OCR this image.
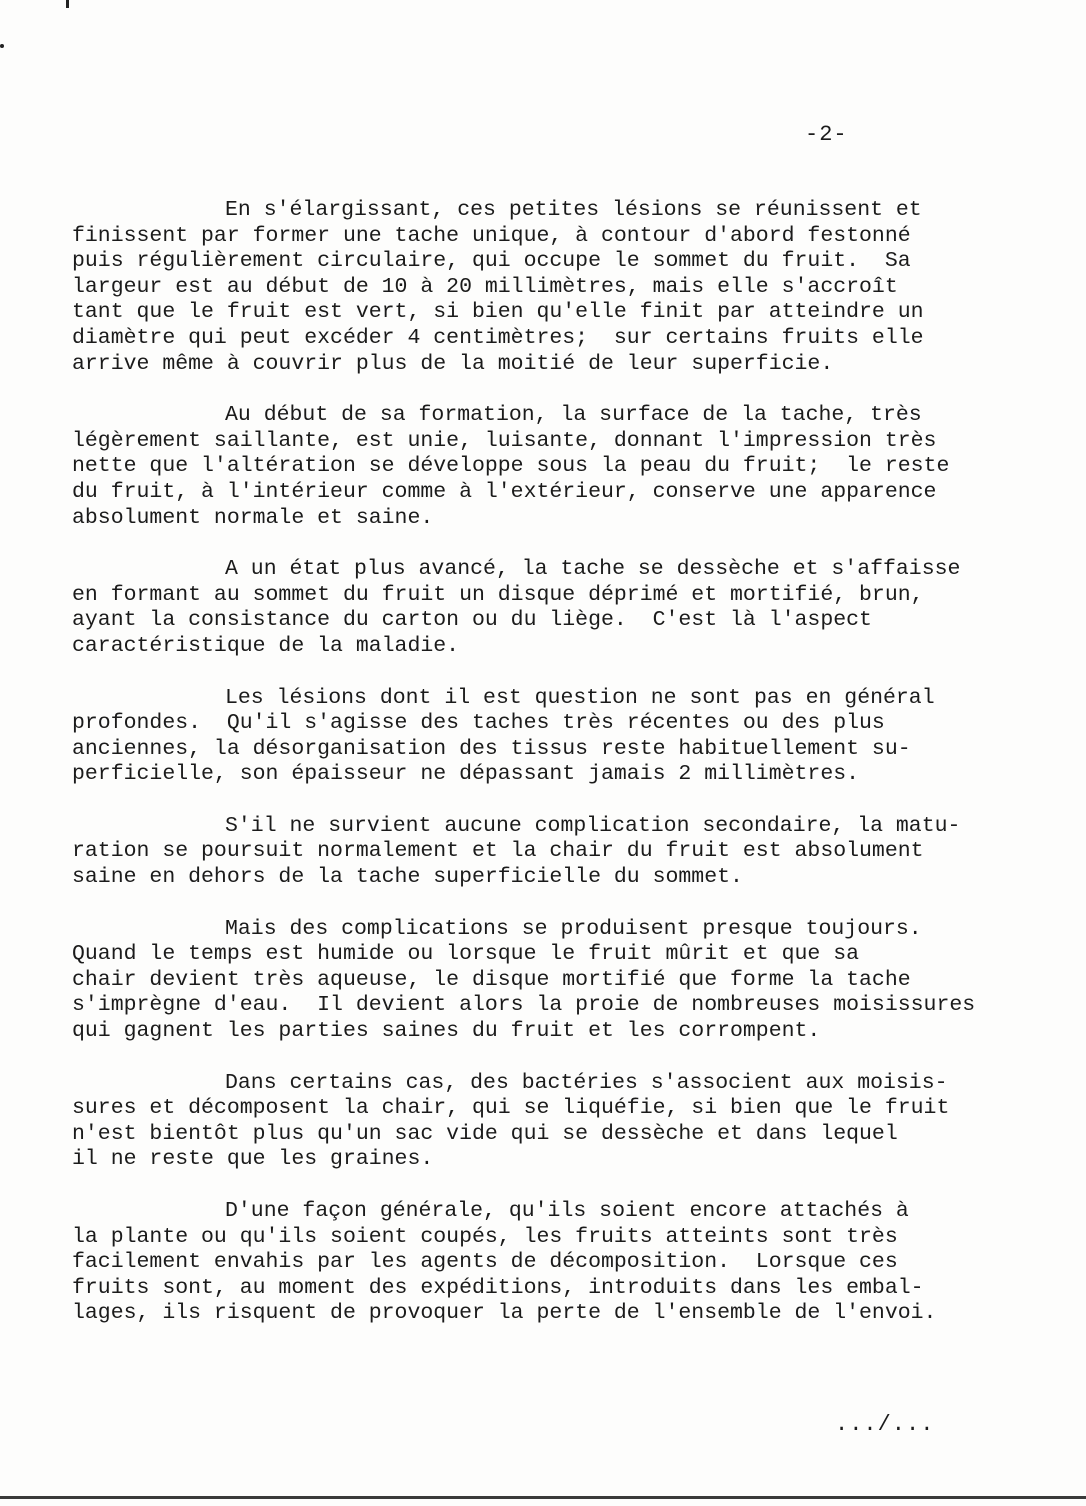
-2-
En s'élargissant, ces petites lésions se réunissent et
finissent par former une tache unique, à contour d'abord festonné
puis régulièrement circulaire, qui occupe le sommet du fruit.  Sa
largeur est au début de 10 à 20 millimètres, mais elle s'accroît
tant que le fruit est vert, si bien qu'elle finit par atteindre un
diamètre qui peut excéder 4 centimètres;  sur certains fruits elle
arrive même à couvrir plus de la moitié de leur superficie.
Au début de sa formation, la surface de la tache, très
légèrement saillante, est unie, luisante, donnant l'impression très
nette que l'altération se développe sous la peau du fruit;  le reste
du fruit, à l'intérieur comme à l'extérieur, conserve une apparence
absolument normale et saine.
A un état plus avancé, la tache se dessèche et s'affaisse
en formant au sommet du fruit un disque déprimé et mortifié, brun,
ayant la consistance du carton ou du liège.  C'est là l'aspect
caractéristique de la maladie.
Les lésions dont il est question ne sont pas en général
profondes.  Qu'il s'agisse des taches très récentes ou des plus
anciennes, la désorganisation des tissus reste habituellement su-
perficielle, son épaisseur ne dépassant jamais 2 millimètres.
S'il ne survient aucune complication secondaire, la matu-
ration se poursuit normalement et la chair du fruit est absolument
saine en dehors de la tache superficielle du sommet.
Mais des complications se produisent presque toujours.
Quand le temps est humide ou lorsque le fruit mûrit et que sa
chair devient très aqueuse, le disque mortifié que forme la tache
s'imprègne d'eau.  Il devient alors la proie de nombreuses moisissures
qui gagnent les parties saines du fruit et les corrompent.
Dans certains cas, des bactéries s'associent aux moisis-
sures et décomposent la chair, qui se liquéfie, si bien que le fruit
n'est bientôt plus qu'un sac vide qui se dessèche et dans lequel
il ne reste que les graines.
D'une façon générale, qu'ils soient encore attachés à
la plante ou qu'ils soient coupés, les fruits atteints sont très
facilement envahis par les agents de décomposition.  Lorsque ces
fruits sont, au moment des expéditions, introduits dans les embal-
lages, ils risquent de provoquer la perte de l'ensemble de l'envoi.
.../...
